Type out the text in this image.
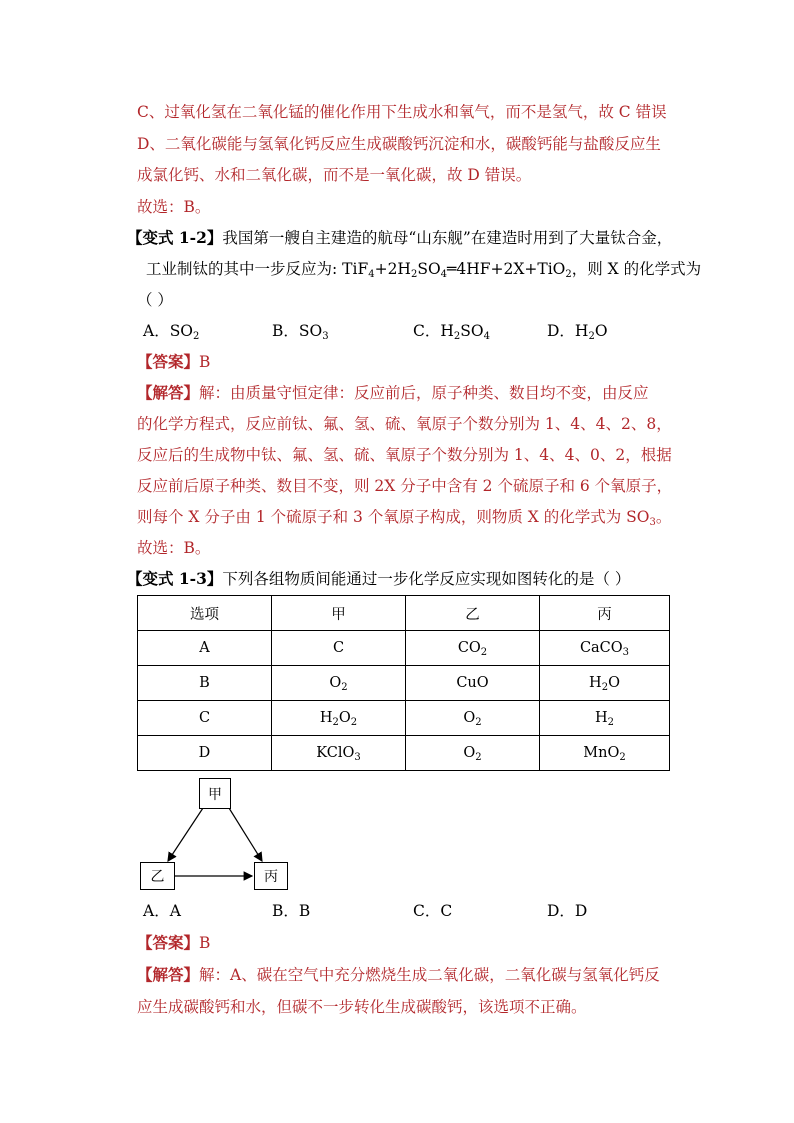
C、过氧化氢在二氧化锰的催化作用下生成水和氧气，而不是氢气，故 C 错误
D、二氧化碳能与氢氧化钙反应生成碳酸钙沉淀和水，碳酸钙能与盐酸反应生
成氯化钙、水和二氧化碳，而不是一氧化碳，故 D 错误。
故选：B。
【变式 1-2】我国第一艘自主建造的航母“山东舰”在建造时用到了大量钛合金，
工业制钛的其中一步反应为: $TiF_4+2H_2SO_4═4HF+2X+TiO_2$，则 X 的化学式为
（ ）
A．$SO_2$	B．$SO_3$	C．$H_2SO_4$	D．$H_2O$
【答案】B
【解答】解：由质量守恒定律：反应前后，原子种类、数目均不变，由反应
的化学方程式，反应前钛、氟、氢、硫、氧原子个数分别为 1、4、4、2、8，
反应后的生成物中钛、氟、氢、硫、氧原子个数分别为 1、4、4、0、2，根据
反应前后原子种类、数目不变，则 2X 分子中含有 2 个硫原子和 6 个氧原子，
则每个 X 分子由 1 个硫原子和 3 个氧原子构成，则物质 X 的化学式为 $SO_3$。
故选：B。
【变式 1-3】下列各组物质间能通过一步化学反应实现如图转化的是（ ）
选项	甲	乙	丙
A	C	$CO_2$	CaCO$_3$
B	$O_2$	CuO	$H_2O$
C	$H_2O_2$	$O_2$	$H_2$
D	KClO$_3$	$O_2$	MnO$_2$
甲
乙	丙
A．A	B．B	C．C	D．D
【答案】B
【解答】解：A、碳在空气中充分燃烧生成二氧化碳，二氧化碳与氢氧化钙反
应生成碳酸钙和水，但碳不一步转化生成碳酸钙，该选项不正确。
